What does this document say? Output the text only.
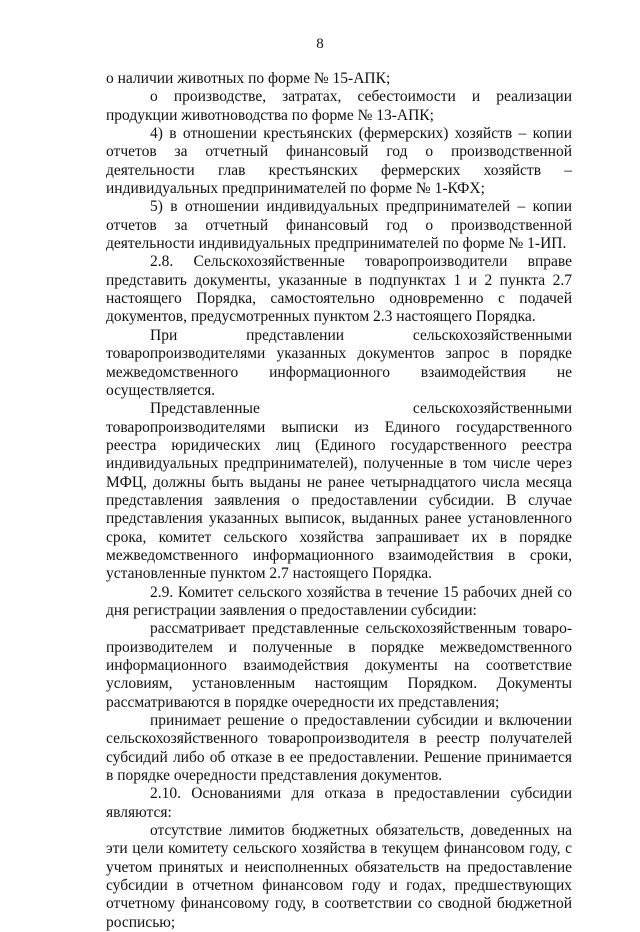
8

о наличии животных по форме № 15-АПК;

о производстве, затратах, себестоимости и реализации продукции животноводства по форме № 13-АПК;

4) в отношении крестьянских (фермерских) хозяйств – копии отчетов за отчетный финансовый год о производственной деятельности глав крестьянских фермерских хозяйств – индивидуальных предпринимателей по форме № 1-КФХ;

5) в отношении индивидуальных предпринимателей – копии отчетов за отчетный финансовый год о производственной деятельности индивидуальных предпринимателей по форме № 1-ИП.

2.8. Сельскохозяйственные товаропроизводители вправе представить документы, указанные в подпунктах 1 и 2 пункта 2.7 настоящего Порядка, самостоятельно одновременно с подачей документов, предусмотренных пунктом 2.3 настоящего Порядка.

При представлении сельскохозяйственными товаропроизводителями указанных документов запрос в порядке межведомственного информационного взаимодействия не осуществляется.

Представленные сельскохозяйственными товаропроизводителями выписки из Единого государственного реестра юридических лиц (Единого государственного реестра индивидуальных предпринимателей), полученные в том числе через МФЦ, должны быть выданы не ранее четырнадцатого числа месяца представления заявления о предоставлении субсидии. В случае представления указанных выписок, выданных ранее установленного срока, комитет сельского хозяйства запрашивает их в порядке межведомственного информационного взаимодействия в сроки, установленные пунктом 2.7 настоящего Порядка.

2.9. Комитет сельского хозяйства в течение 15 рабочих дней со дня регистрации заявления о предоставлении субсидии:

рассматривает представленные сельскохозяйственным товаро-производителем и полученные в порядке межведомственного информационного взаимодействия документы на соответствие условиям, установленным настоящим Порядком. Документы рассматриваются в порядке очередности их представления;

принимает решение о предоставлении субсидии и включении сельскохозяйственного товаропроизводителя в реестр получателей субсидий либо об отказе в ее предоставлении. Решение принимается в порядке очередности представления документов.

2.10. Основаниями для отказа в предоставлении субсидии являются:

отсутствие лимитов бюджетных обязательств, доведенных на эти цели комитету сельского хозяйства в текущем финансовом году, с учетом принятых и неисполненных обязательств на предоставление субсидии в отчетном финансовом году и годах, предшествующих отчетному финансовому году, в соответствии со сводной бюджетной росписью;
